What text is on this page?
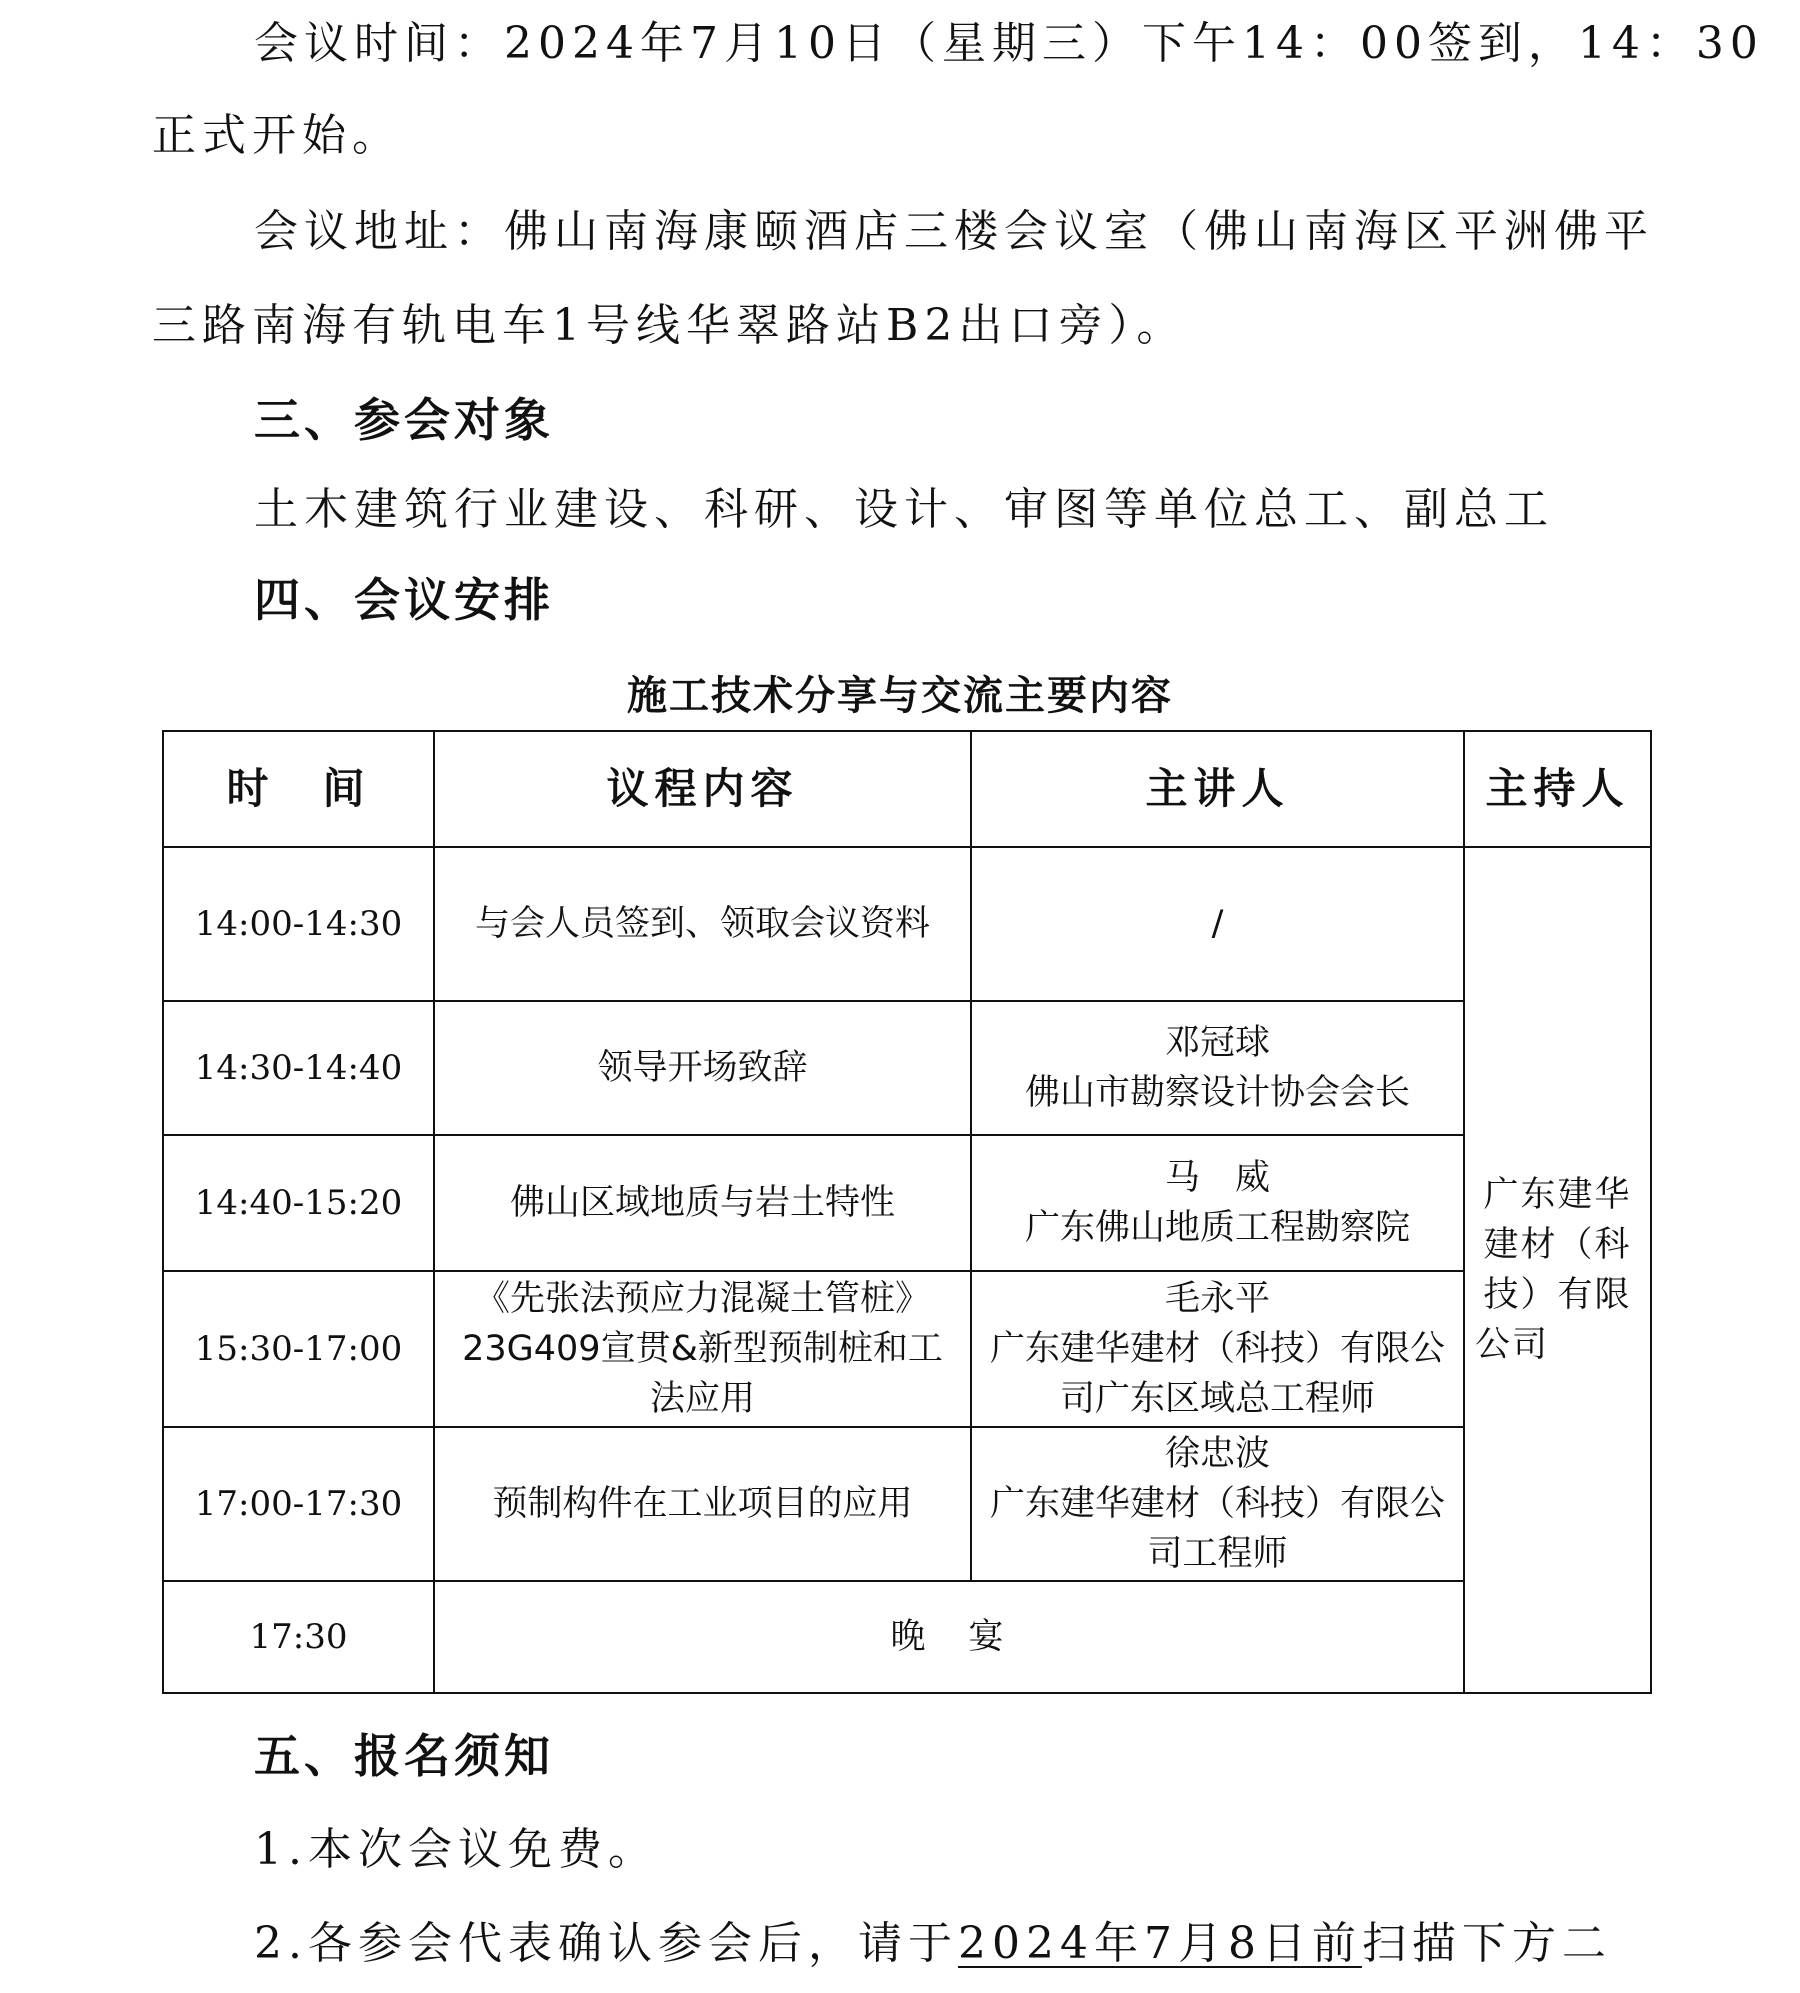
会议时间：2024年7月10日（星期三）下午14：00签到，14：30

正式开始。

会议地址：佛山南海康颐酒店三楼会议室（佛山南海区平洲佛平

三路南海有轨电车1号线华翠路站B2出口旁）。

三、参会对象

土木建筑行业建设、科研、设计、审图等单位总工、副总工

四、会议安排
施工技术分享与交流主要内容
时　间	议程内容	主讲人	主持人
14:00-14:30	与会人员签到、领取会议资料	/	广东建华建材（科技）有限公司

14:30-14:40	领导开场致辞	邓冠球
佛山市勘察设计协会会长	
14:40-15:20	佛山区域地质与岩土特性	马　威
广东佛山地质工程勘察院	
15:30-17:00	《先张法预应力混凝土管桩》23G409宣贯&新型预制桩和工法应用	毛永平
广东建华建材（科技）有限公司广东区域总工程师	
17:00-17:30	预制构件在工业项目的应用	徐忠波
广东建华建材（科技）有限公司工程师	
17:30	晚　宴		
五、报名须知

1.本次会议免费。

2.各参会代表确认参会后，请于2024年7月8日前扫描下方二
